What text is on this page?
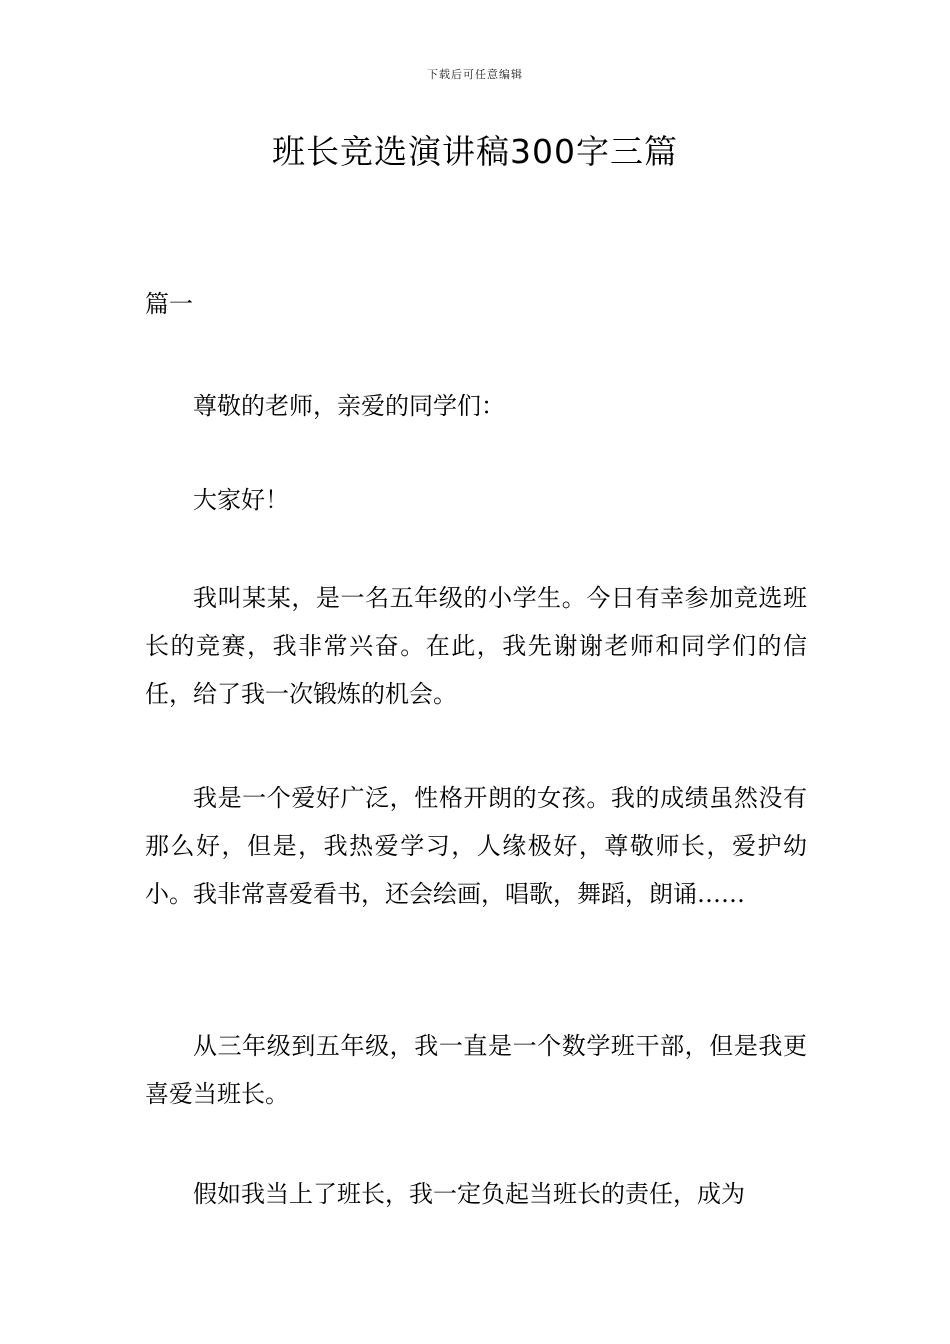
下载后可任意编辑
班长竞选演讲稿300字三篇
篇一

尊敬的老师，亲爱的同学们：

大家好！

我叫某某，是一名五年级的小学生。今日有幸参加竞选班长的竞赛，我非常兴奋。在此，我先谢谢老师和同学们的信任，给了我一次锻炼的机会。

我是一个爱好广泛，性格开朗的女孩。我的成绩虽然没有那么好，但是，我热爱学习，人缘极好，尊敬师长，爱护幼小。我非常喜爱看书，还会绘画，唱歌，舞蹈，朗诵……

从三年级到五年级，我一直是一个数学班干部，但是我更喜爱当班长。

假如我当上了班长，我一定负起当班长的责任，成为
